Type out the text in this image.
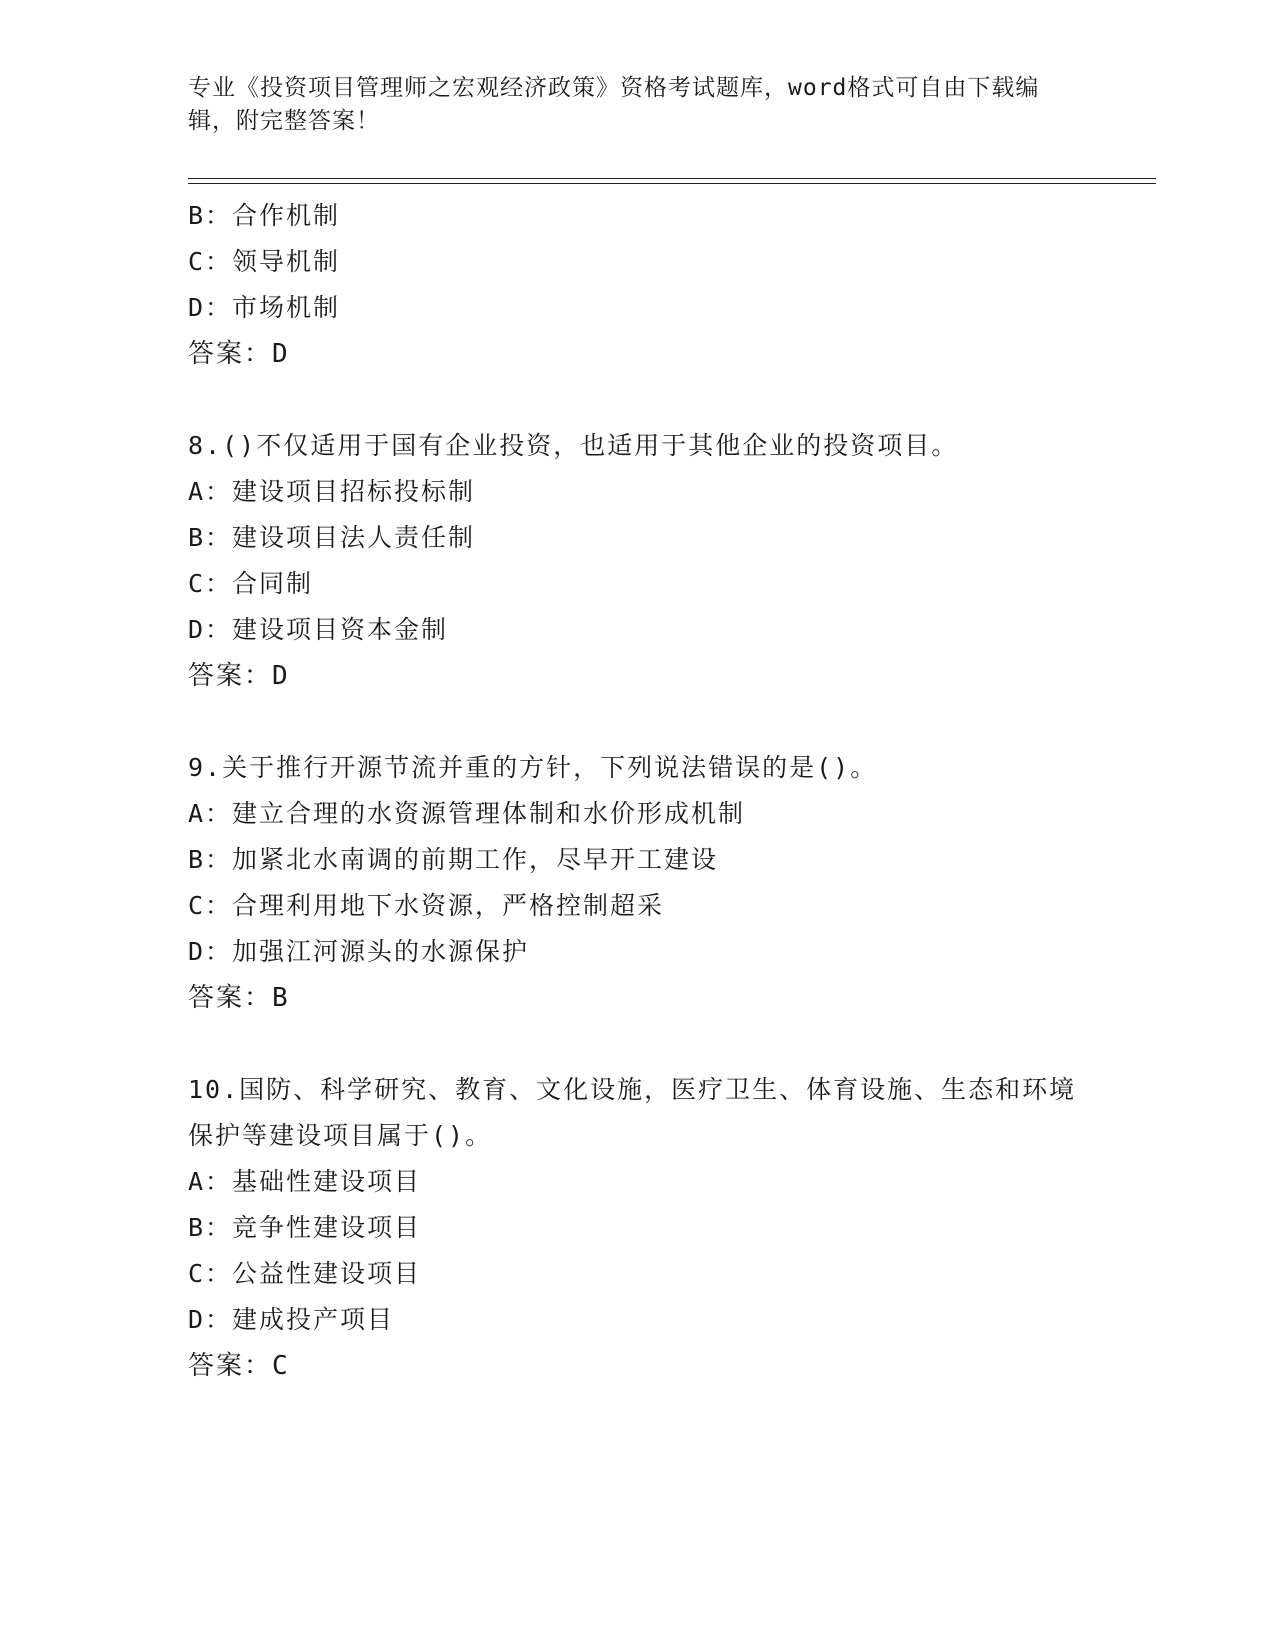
专业《投资项目管理师之宏观经济政策》资格考试题库，word格式可自由下载编辑，附完整答案！
B：合作机制
C：领导机制
D：市场机制
答案：D
8.()不仅适用于国有企业投资，也适用于其他企业的投资项目。
A：建设项目招标投标制
B：建设项目法人责任制
C：合同制
D：建设项目资本金制
答案：D
9.关于推行开源节流并重的方针，下列说法错误的是()。
A：建立合理的水资源管理体制和水价形成机制
B：加紧北水南调的前期工作，尽早开工建设
C：合理利用地下水资源，严格控制超采
D：加强江河源头的水源保护
答案：B
10.国防、科学研究、教育、文化设施，医疗卫生、体育设施、生态和环境保护等建设项目属于()。
A：基础性建设项目
B：竞争性建设项目
C：公益性建设项目
D：建成投产项目
答案：C
